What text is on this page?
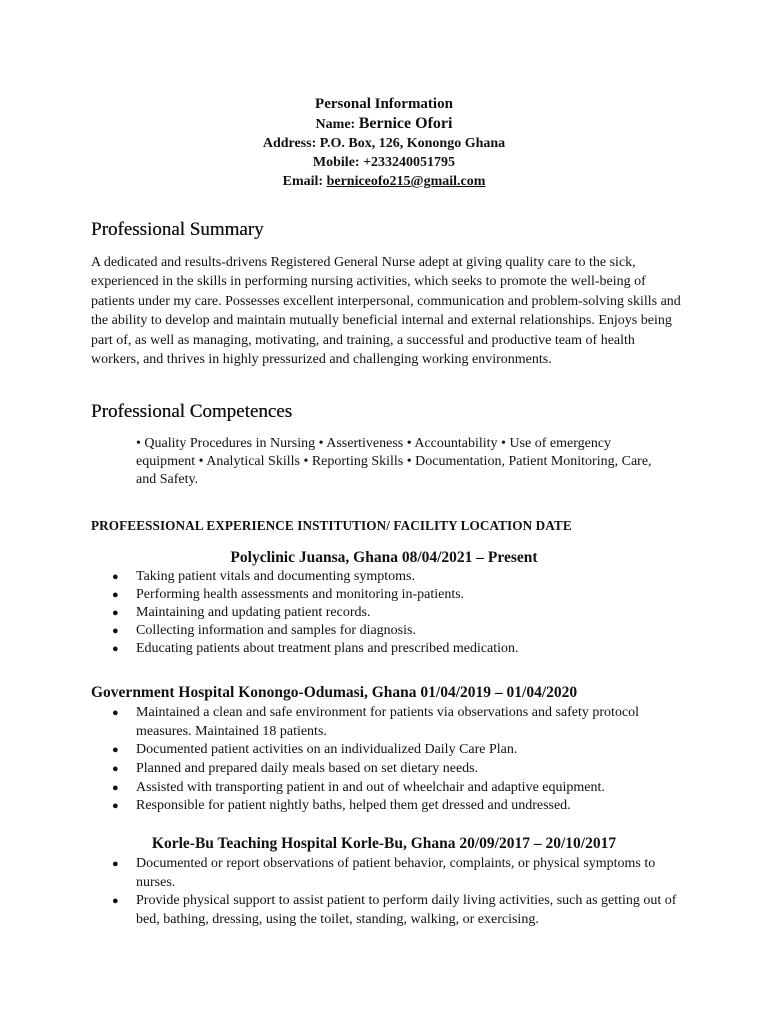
Personal Information
Name: Bernice Ofori
Address: P.O. Box, 126, Konongo Ghana
Mobile: +233240051795
Email: berniceofo215@gmail.com
Professional Summary
A dedicated and results-drivens Registered General Nurse adept at giving quality care to the sick, experienced in the skills in performing nursing activities, which seeks to promote the well-being of patients under my care. Possesses excellent interpersonal, communication and problem-solving skills and the ability to develop and maintain mutually beneficial internal and external relationships. Enjoys being part of, as well as managing, motivating, and training, a successful and productive team of health workers, and thrives in highly pressurized and challenging working environments.
Professional Competences
• Quality Procedures in Nursing • Assertiveness • Accountability • Use of emergency equipment • Analytical Skills • Reporting Skills • Documentation, Patient Monitoring, Care, and Safety.
PROFEESSIONAL EXPERIENCE INSTITUTION/ FACILITY LOCATION DATE
Polyclinic Juansa, Ghana 08/04/2021 – Present
● Taking patient vitals and documenting symptoms.
● Performing health assessments and monitoring in-patients.
● Maintaining and updating patient records.
● Collecting information and samples for diagnosis.
● Educating patients about treatment plans and prescribed medication.
Government Hospital Konongo-Odumasi, Ghana 01/04/2019 – 01/04/2020
● Maintained a clean and safe environment for patients via observations and safety protocol measures. Maintained 18 patients.
● Documented patient activities on an individualized Daily Care Plan.
● Planned and prepared daily meals based on set dietary needs.
● Assisted with transporting patient in and out of wheelchair and adaptive equipment.
● Responsible for patient nightly baths, helped them get dressed and undressed.
Korle-Bu Teaching Hospital Korle-Bu, Ghana 20/09/2017 – 20/10/2017
● Documented or report observations of patient behavior, complaints, or physical symptoms to nurses.
● Provide physical support to assist patient to perform daily living activities, such as getting out of bed, bathing, dressing, using the toilet, standing, walking, or exercising.
